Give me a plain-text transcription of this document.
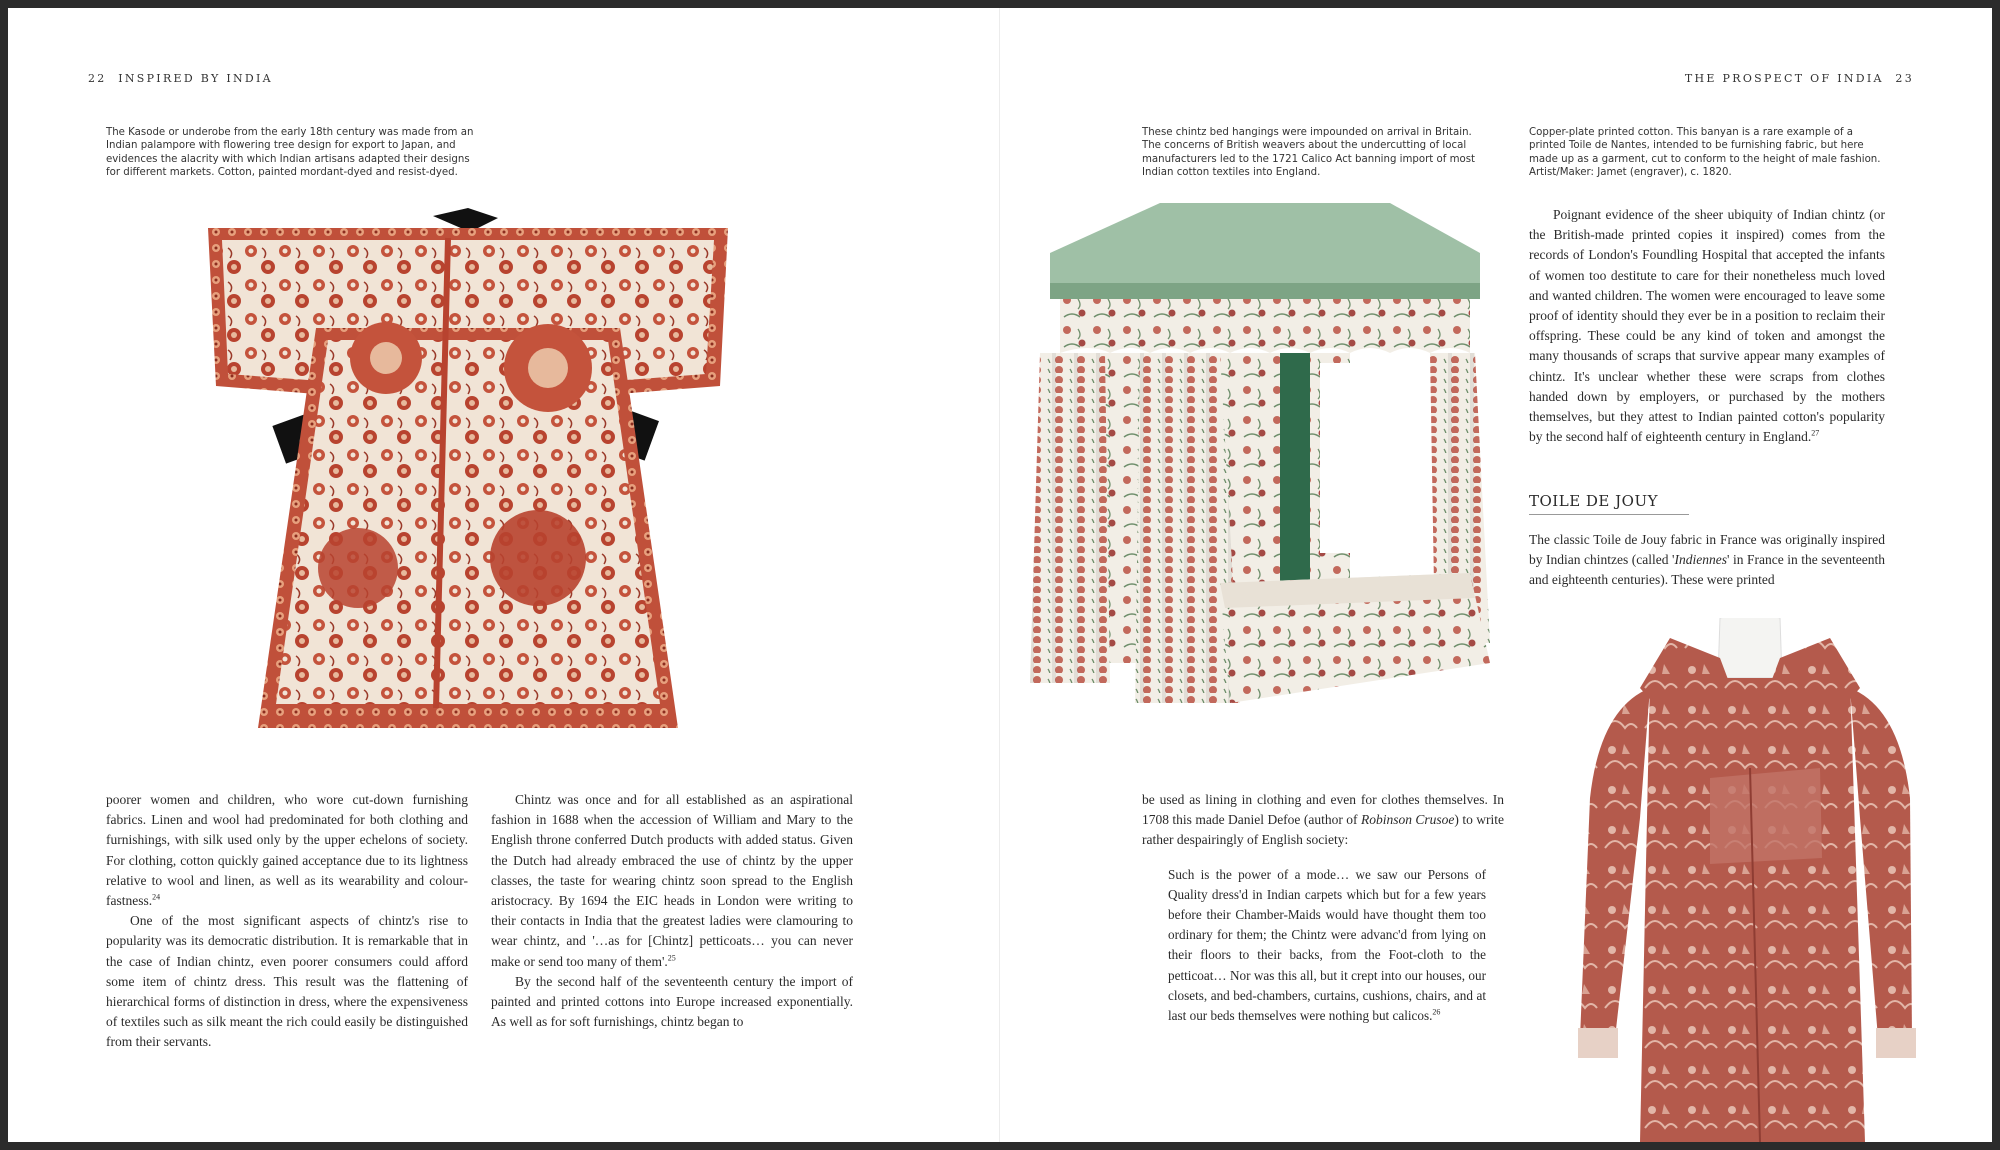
22 INSPIRED BY INDIA
The Kasode or underobe from the early 18th century was made from an Indian palampore with flowering tree design for export to Japan, and evidences the alacrity with which Indian artisans adapted their designs for different markets. Cotton, painted mordant-dyed and resist-dyed.

poorer women and children, who wore cut-down furnishing fabrics. Linen and wool had predominated for both clothing and furnishings, with silk used only by the upper echelons of society. For clothing, cotton quickly gained acceptance due to its lightness relative to wool and linen, as well as its wearability and colour-fastness.$^{24}$

One of the most significant aspects of chintz's rise to popularity was its democratic distribution. It is remarkable that in the case of Indian chintz, even poorer consumers could afford some item of chintz dress. This result was the flattening of hierarchical forms of distinction in dress, where the expensiveness of textiles such as silk meant the rich could easily be distinguished from their servants.

Chintz was once and for all established as an aspirational fashion in 1688 when the accession of William and Mary to the English throne conferred Dutch products with added status. Given the Dutch had already embraced the use of chintz by the upper classes, the taste for wearing chintz soon spread to the English aristocracy. By 1694 the EIC heads in London were writing to their contacts in India that the greatest ladies were clamouring to wear chintz, and '…as for [Chintz] petticoats… you can never make or send too many of them'.$^{25}$

By the second half of the seventeenth century the import of painted and printed cottons into Europe increased exponentially. As well as for soft furnishings, chintz began to

THE PROSPECT OF INDIA 23
These chintz bed hangings were impounded on arrival in Britain. The concerns of British weavers about the undercutting of local manufacturers led to the 1721 Calico Act banning import of most Indian cotton textiles into England.
Copper-plate printed cotton. This banyan is a rare example of a printed Toile de Nantes, intended to be furnishing fabric, but here made up as a garment, cut to conform to the height of male fashion. Artist/Maker: Jamet (engraver), c. 1820.

Poignant evidence of the sheer ubiquity of Indian chintz (or the British-made printed copies it inspired) comes from the records of London's Foundling Hospital that accepted the infants of women too destitute to care for their nonetheless much loved and wanted children. The women were encouraged to leave some proof of identity should they ever be in a position to reclaim their offspring. These could be any kind of token and amongst the many thousands of scraps that survive appear many examples of chintz. It's unclear whether these were scraps from clothes handed down by employers, or purchased by the mothers themselves, but they attest to Indian painted cotton's popularity by the second half of eighteenth century in England.$^{27}$

TOILE DE JOUY

The classic Toile de Jouy fabric in France was originally inspired by Indian chintzes (called 'Indiennes' in France in the seventeenth and eighteenth centuries). These were printed

be used as lining in clothing and even for clothes themselves. In 1708 this made Daniel Defoe (author of Robinson Crusoe) to write rather despairingly of English society:

Such is the power of a mode… we saw our Persons of Quality dress'd in Indian carpets which but for a few years before their Chamber-Maids would have thought them too ordinary for them; the Chintz were advanc'd from lying on their floors to their backs, from the Foot-cloth to the petticoat… Nor was this all, but it crept into our houses, our closets, and bed-chambers, curtains, cushions, chairs, and at last our beds themselves were nothing but calicos.$^{26}$
